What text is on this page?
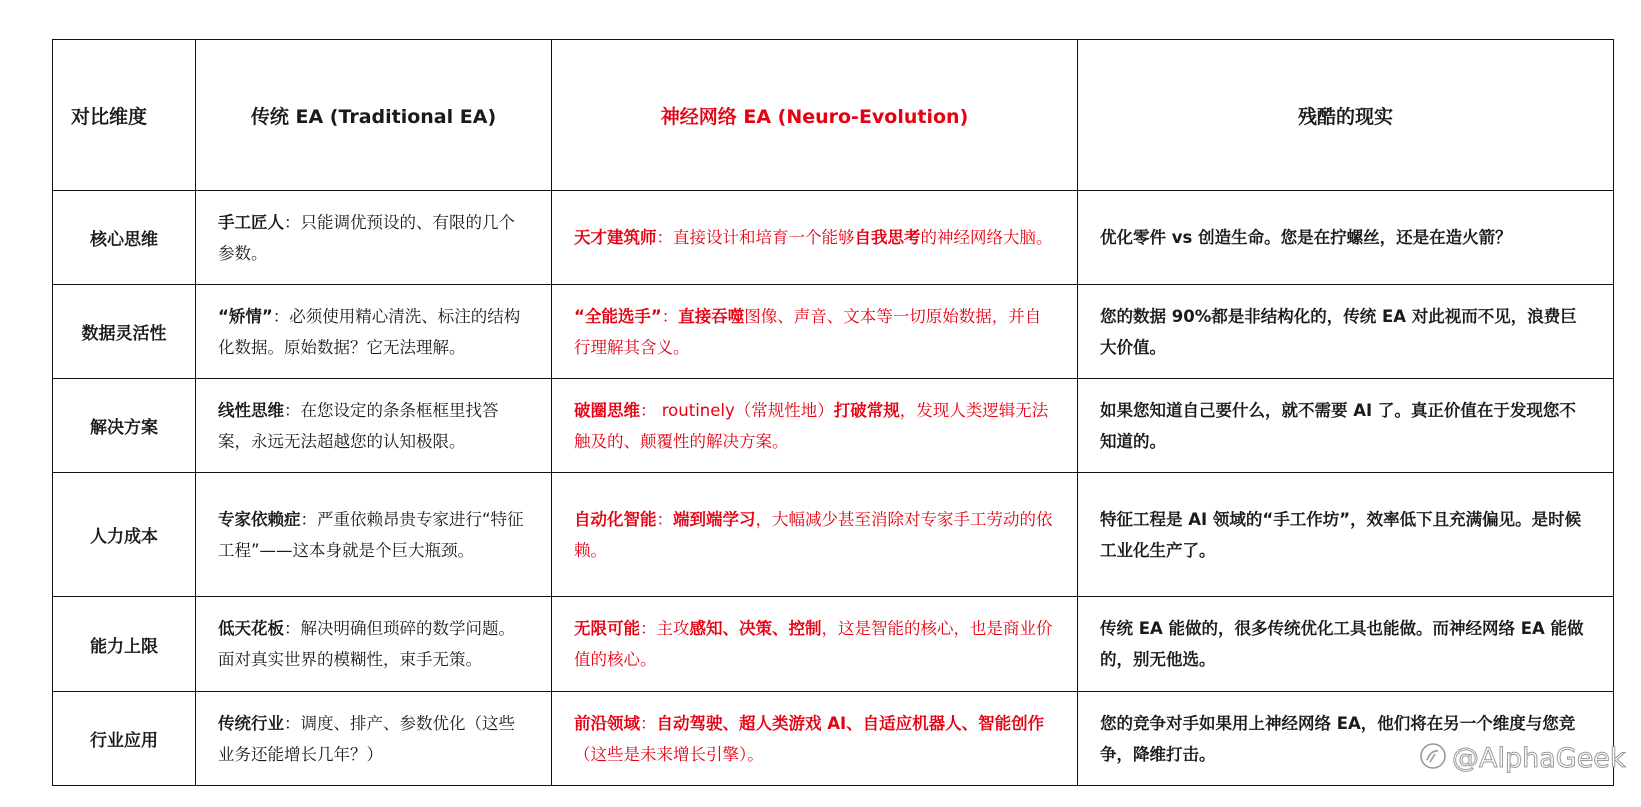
对比维度	传统 EA (Traditional EA)	神经网络 EA (Neuro-Evolution)	残酷的现实
核心思维	手工匠人：只能调优预设的、有限的几个参数。	天才建筑师：直接设计和培育一个能够自我思考的神经网络大脑。	优化零件 vs 创造生命。您是在拧螺丝，还是在造火箭？
数据灵活性	“矫情”：必须使用精心清洗、标注的结构化数据。原始数据？它无法理解。	“全能选手”：直接吞噬图像、声音、文本等一切原始数据，并自行理解其含义。	您的数据 90%都是非结构化的，传统 EA 对此视而不见，浪费巨大价值。
解决方案	线性思维：在您设定的条条框框里找答案，永远无法超越您的认知极限。	破圈思维： routinely（常规性地）打破常规，发现人类逻辑无法触及的、颠覆性的解决方案。	如果您知道自己要什么，就不需要 AI 了。真正价值在于发现您不知道的。
人力成本	专家依赖症：严重依赖昂贵专家进行“特征工程”——这本身就是个巨大瓶颈。	自动化智能：端到端学习，大幅减少甚至消除对专家手工劳动的依赖。	特征工程是 AI 领域的“手工作坊”，效率低下且充满偏见。是时候工业化生产了。
能力上限	低天花板：解决明确但琐碎的数学问题。面对真实世界的模糊性，束手无策。	无限可能：主攻感知、决策、控制，这是智能的核心，也是商业价值的核心。	传统 EA 能做的，很多传统优化工具也能做。而神经网络 EA 能做的，别无他选。
行业应用	传统行业：调度、排产、参数优化（这些业务还能增长几年？）	前沿领域：自动驾驶、超人类游戏 AI、自适应机器人、智能创作（这些是未来增长引擎）。	您的竞争对手如果用上神经网络 EA，他们将在另一个维度与您竞争，降维打击。	@AlphaGeek
